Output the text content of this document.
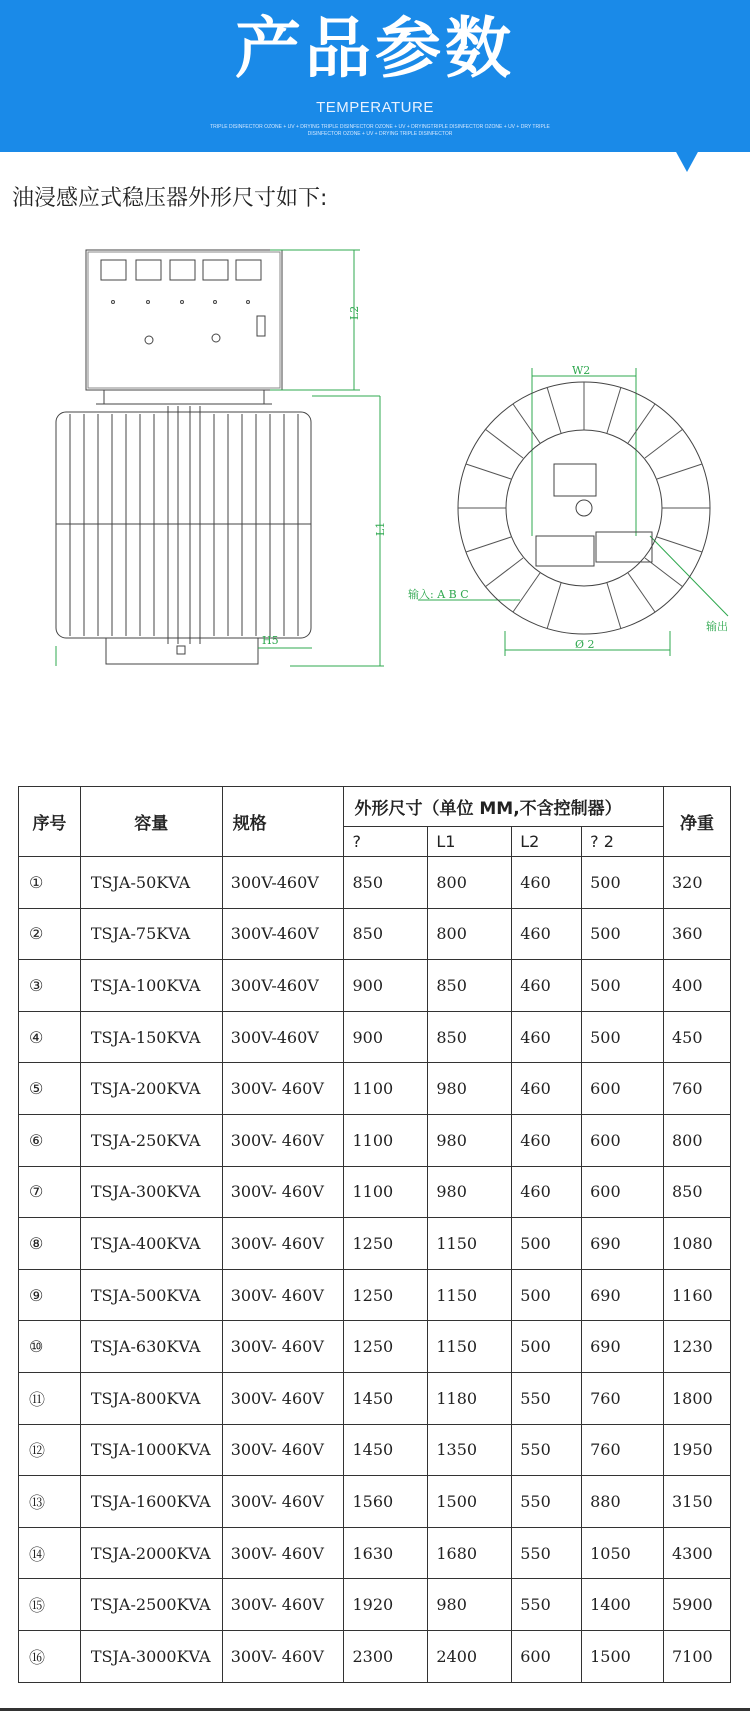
产品参数
TEMPERATURE
TRIPLE DISINFECTOR OZONE + UV + DRYING TRIPLE DISINFECTOR OZONE + UV + DRYINGTRIPLE DISINFECTOR OZONE + UV + DRY TRIPLE DISINFECTOR OZONE + UV + DRYING TRIPLE DISINFECTOR
油浸感应式稳压器外形尺寸如下:
L2
L1
H5
W2
Ø 2
输入: A B C
输出
序号	容量	规格	外形尺寸（单位 MM,不含控制器）				净重
			?	L1	L2	? 2	
①	TSJA-50KVA	300V-460V	850	800	460	500	320
②	TSJA-75KVA	300V-460V	850	800	460	500	360
③	TSJA-100KVA	300V-460V	900	850	460	500	400
④	TSJA-150KVA	300V-460V	900	850	460	500	450
⑤	TSJA-200KVA	300V- 460V	1100	980	460	600	760
⑥	TSJA-250KVA	300V- 460V	1100	980	460	600	800
⑦	TSJA-300KVA	300V- 460V	1100	980	460	600	850
⑧	TSJA-400KVA	300V- 460V	1250	1150	500	690	1080
⑨	TSJA-500KVA	300V- 460V	1250	1150	500	690	1160
⑩	TSJA-630KVA	300V- 460V	1250	1150	500	690	1230
⑪	TSJA-800KVA	300V- 460V	1450	1180	550	760	1800
⑫	TSJA-1000KVA	300V- 460V	1450	1350	550	760	1950
⑬	TSJA-1600KVA	300V- 460V	1560	1500	550	880	3150
⑭	TSJA-2000KVA	300V- 460V	1630	1680	550	1050	4300
⑮	TSJA-2500KVA	300V- 460V	1920	980	550	1400	5900
⑯	TSJA-3000KVA	300V- 460V	2300	2400	600	1500	7100
